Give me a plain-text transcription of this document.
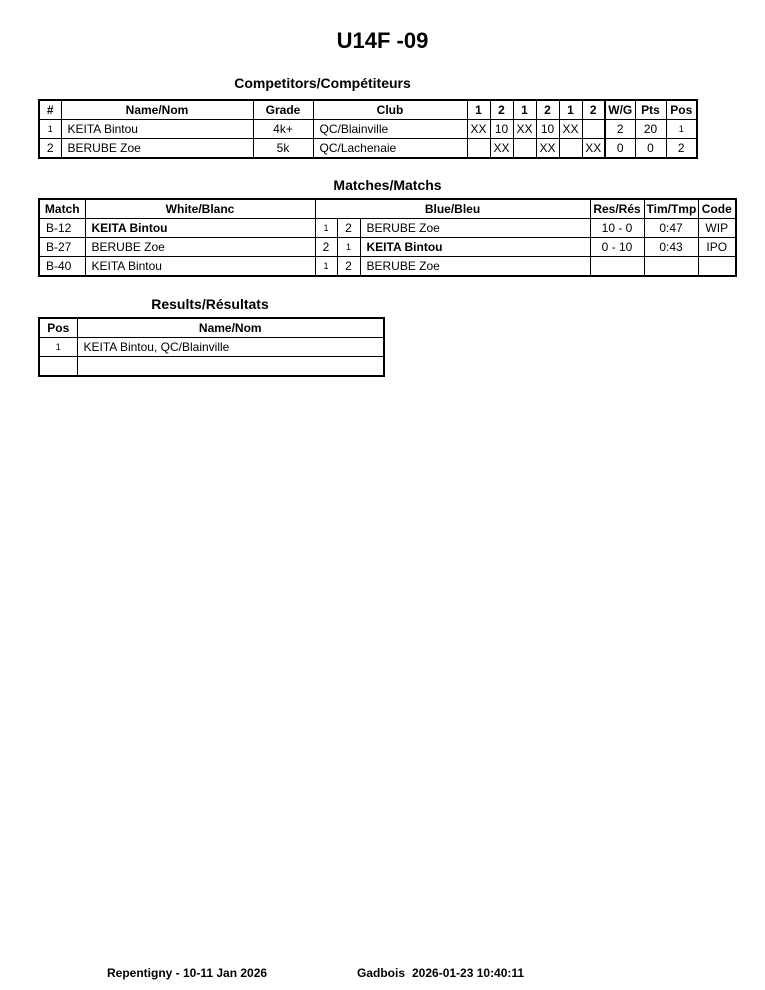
U14F -09
Competitors/Compétiteurs
#	Name/Nom	Grade	Club	1	2	1	2	1	2	W/G	Pts	Pos
1	KEITA Bintou	4k+	QC/Blainville	XX	10	XX	10	XX		2	20	1
2	BERUBE Zoe	5k	QC/Lachenaie		XX		XX		XX	0	0	2
Matches/Matchs
Match	White/Blanc	Blue/Bleu			Res/Rés	Tim/Tmp	Code
B-12	KEITA Bintou	1	2	BERUBE Zoe	10 - 0	0:47	WIP
B-27	BERUBE Zoe	2	1	KEITA Bintou	0 - 10	0:43	IPO
B-40	KEITA Bintou	1	2	BERUBE Zoe			
Results/Résultats
Pos	Name/Nom
1	KEITA Bintou, QC/Blainville

Repentigny - 10-11 Jan 2026	Gadbois 2026-01-23 10:40:11
